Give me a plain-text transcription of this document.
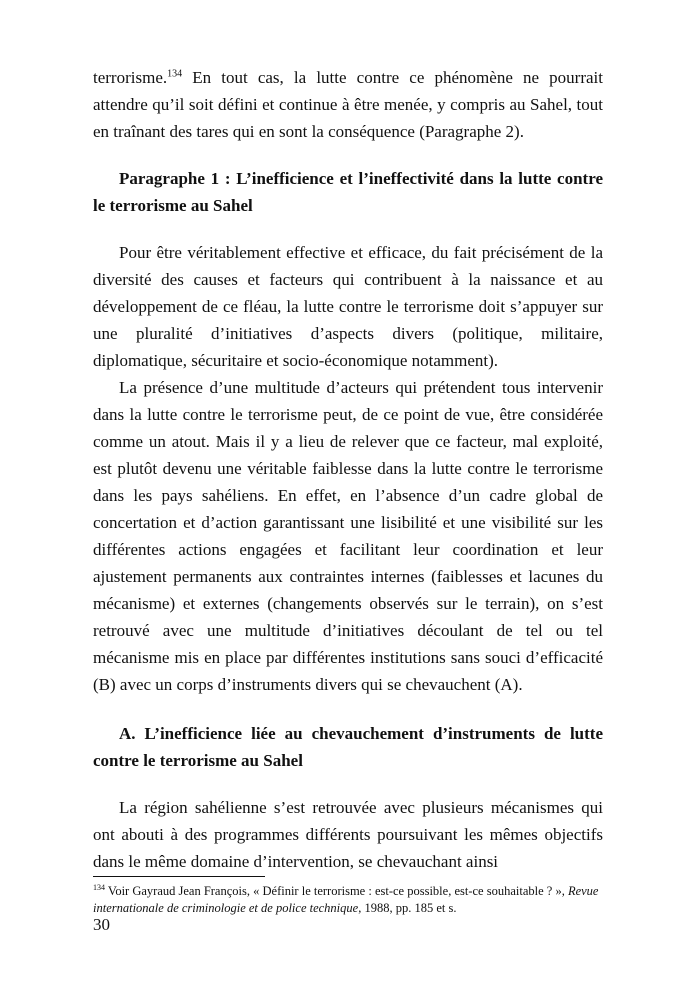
terrorisme.$^{134}$ En tout cas, la lutte contre ce phénomène ne pourrait attendre qu’il soit défini et continue à être menée, y compris au Sahel, tout en traînant des tares qui en sont la conséquence (Paragraphe 2).

Paragraphe 1 : L’inefficience et l’ineffectivité dans la lutte contre le terrorisme au Sahel

Pour être véritablement effective et efficace, du fait précisément de la diversité des causes et facteurs qui contribuent à la naissance et au développement de ce fléau, la lutte contre le terrorisme doit s’appuyer sur une pluralité d’initiatives d’aspects divers (politique, militaire, diplomatique, sécuritaire et socio-économique notamment).

La présence d’une multitude d’acteurs qui prétendent tous intervenir dans la lutte contre le terrorisme peut, de ce point de vue, être considérée comme un atout. Mais il y a lieu de relever que ce facteur, mal exploité, est plutôt devenu une véritable faiblesse dans la lutte contre le terrorisme dans les pays sahéliens. En effet, en l’absence d’un cadre global de concertation et d’action garantissant une lisibilité et une visibilité sur les différentes actions engagées et facilitant leur coordination et leur ajustement permanents aux contraintes internes (faiblesses et lacunes du mécanisme) et externes (changements observés sur le terrain), on s’est retrouvé avec une multitude d’initiatives découlant de tel ou tel mécanisme mis en place par différentes institutions sans souci d’efficacité (B) avec un corps d’instruments divers qui se chevauchent (A).

A. L’inefficience liée au chevauchement d’instruments de lutte contre le terrorisme au Sahel

La région sahélienne s’est retrouvée avec plusieurs mécanismes qui ont abouti à des programmes différents poursuivant les mêmes objectifs dans le même domaine d’intervention, se chevauchant ainsi

$^{134}$ Voir Gayraud Jean François, « Définir le terrorisme : est-ce possible, est-ce souhaitable ? », Revue internationale de criminologie et de police technique, 1988, pp. 185 et s.
30
